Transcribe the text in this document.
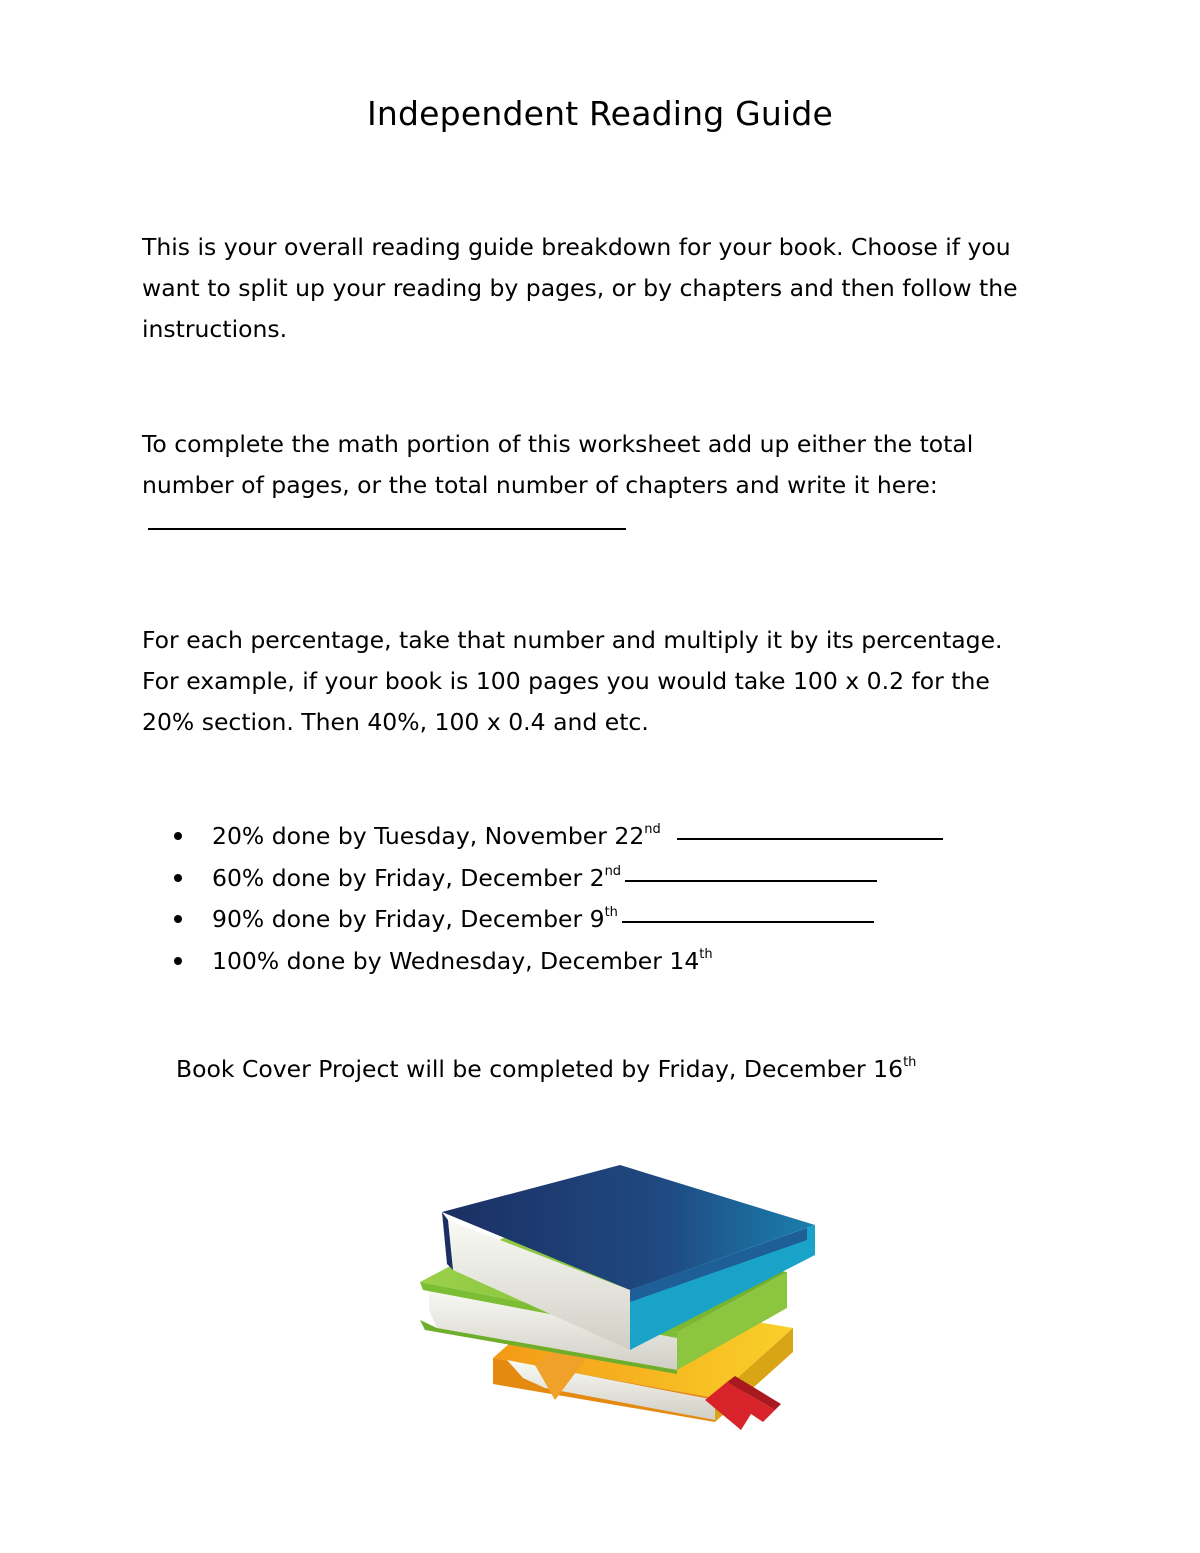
Independent Reading Guide

This is your overall reading guide breakdown for your book. Choose if you want to split up your reading by pages, or by chapters and then follow the instructions.

To complete the math portion of this worksheet add up either the total number of pages, or the total number of chapters and write it here:

For each percentage, take that number and multiply it by its percentage. For example, if your book is 100 pages you would take 100 x 0.2 for the 20% section. Then 40%, 100 x 0.4 and etc.

20% done by Tuesday, November 22nd
60% done by Friday, December 2nd
90% done by Friday, December 9th
100% done by Wednesday, December 14th
Book Cover Project will be completed by Friday, December 16th
